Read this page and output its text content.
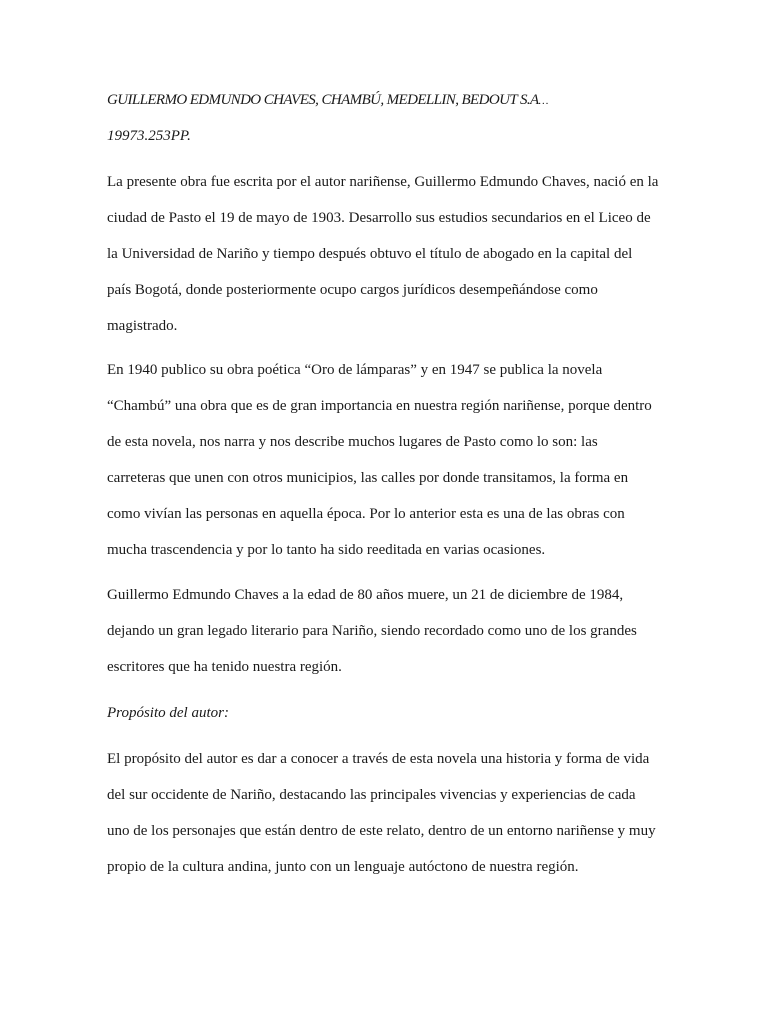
GUILLERMO EDMUNDO CHAVES, CHAMBÚ, MEDELLIN, BEDOUT S.A…
19973.253PP.
La presente obra fue escrita por el autor nariñense, Guillermo Edmundo Chaves, nació en la
ciudad de Pasto el 19 de mayo de 1903. Desarrollo sus estudios secundarios en el Liceo de
la Universidad de Nariño y tiempo después obtuvo el título de abogado en la capital del
país Bogotá, donde posteriormente ocupo cargos jurídicos desempeñándose como
magistrado.
En 1940 publico su obra poética “Oro de lámparas” y en 1947 se publica la novela
“Chambú” una obra que es de gran importancia en nuestra región nariñense, porque dentro
de esta novela, nos narra y nos describe muchos lugares de Pasto como lo son: las
carreteras que unen con otros municipios, las calles por donde transitamos, la forma en
como vivían las personas en aquella época. Por lo anterior esta es una de las obras con
mucha trascendencia y por lo tanto ha sido reeditada en varias ocasiones.
Guillermo Edmundo Chaves a la edad de 80 años muere, un 21 de diciembre de 1984,
dejando un gran legado literario para Nariño, siendo recordado como uno de los grandes
escritores que ha tenido nuestra región.
Propósito del autor:
El propósito del autor es dar a conocer a través de esta novela una historia y forma de vida
del sur occidente de Nariño, destacando las principales vivencias y experiencias de cada
uno de los personajes que están dentro de este relato, dentro de un entorno nariñense y muy
propio de la cultura andina, junto con un lenguaje autóctono de nuestra región.
